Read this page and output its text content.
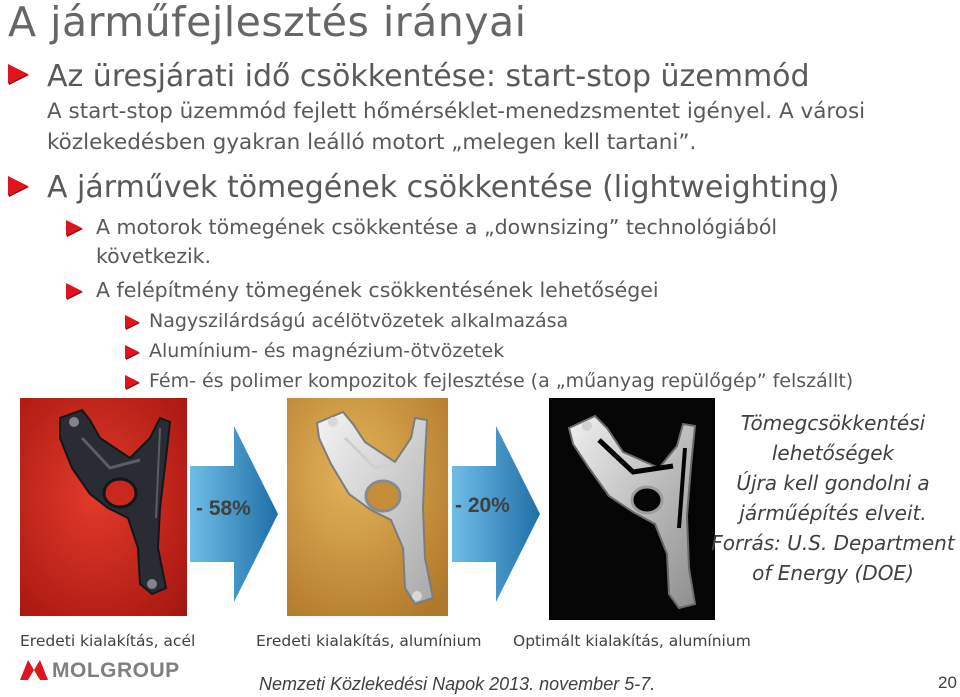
A járműfejlesztés irányai
Az üresjárati idő csökkentése: start-stop üzemmód
A start-stop üzemmód fejlett hőmérséklet-menedzsmentet igényel. A városi
közlekedésben gyakran leálló motort „melegen kell tartani”.
A járművek tömegének csökkentése (lightweighting)
A motorok tömegének csökkentése a „downsizing” technológiából
következik.
A felépítmény tömegének csökkentésének lehetőségei
Nagyszilárdságú acélötvözetek alkalmazása
Alumínium- és magnézium-ötvözetek
Fém- és polimer kompozitok fejlesztése (a „műanyag repülőgép” felszállt)
- 58%	- 20%
Eredeti kialakítás, acél	Eredeti kialakítás, alumínium Optimált kialakítás, alumínium
Tömegcsökkentési
lehetőségek
Újra kell gondolni a
járműépítés elveit.
Forrás: U.S. Department
of Energy (DOE)
MOLGROUP
Nemzeti Közlekedési Napok 2013. november 5-7.	20
